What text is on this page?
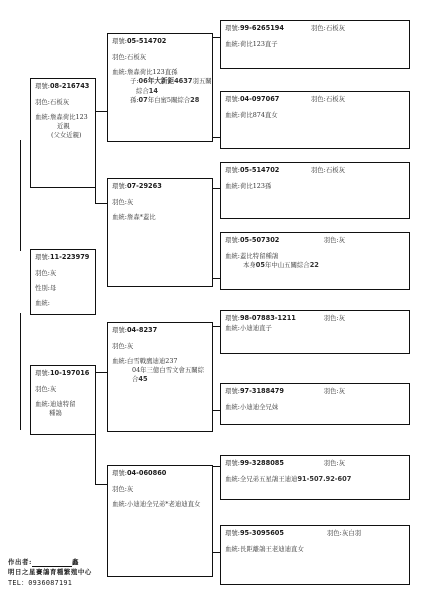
環號:08-216743
羽色:石板灰
血統:詹森荷比123
近親
(父女近親)
環號:11-223979
羽色:灰
性別:母
血統:
環號:10-197016
羽色:灰
血統:迪迪特留
種鴿
環號:05-514702
羽色:石板灰
血統:詹森荷比123直孫
子:06年大新鉅4637羽五關
綜合14
孫:07年白蜜5關綜合28
環號:07-29263
羽色:灰
血統:詹森*蓋比
環號:04-8237
羽色:灰
血統:白雪戰鷹迪迪237
04年三億白雪文會五關綜
合45
環號:04-060860
羽色:灰
血統:小迪迪全兄弟*老迪迪直女
環號:99-6265194	羽色:石板灰
血統:荷比123直子
環號:04-097067	羽色:石板灰
血統:荷比874直女
環號:05-514702	羽色:石板灰
血統:荷比123孫
環號:05-507302	羽色:灰
血統:蓋比特留種鴿
本身05年中山五關綜合22
環號:98-07883-1211	羽色:灰
血統:小迪迪直子
環號:97-3188479	羽色:灰
血統:小迪迪全兄妹
環號:99-3288085	羽色:灰
血統:全兄弟五星鴿王迪迪91-507.92-607
環號:95-3095605	羽色:灰白羽
血統:長距離鴿王老迪迪直女
作出者:	鑫
明日之星賽鴿育種繁殖中心
TEL：0936087191
